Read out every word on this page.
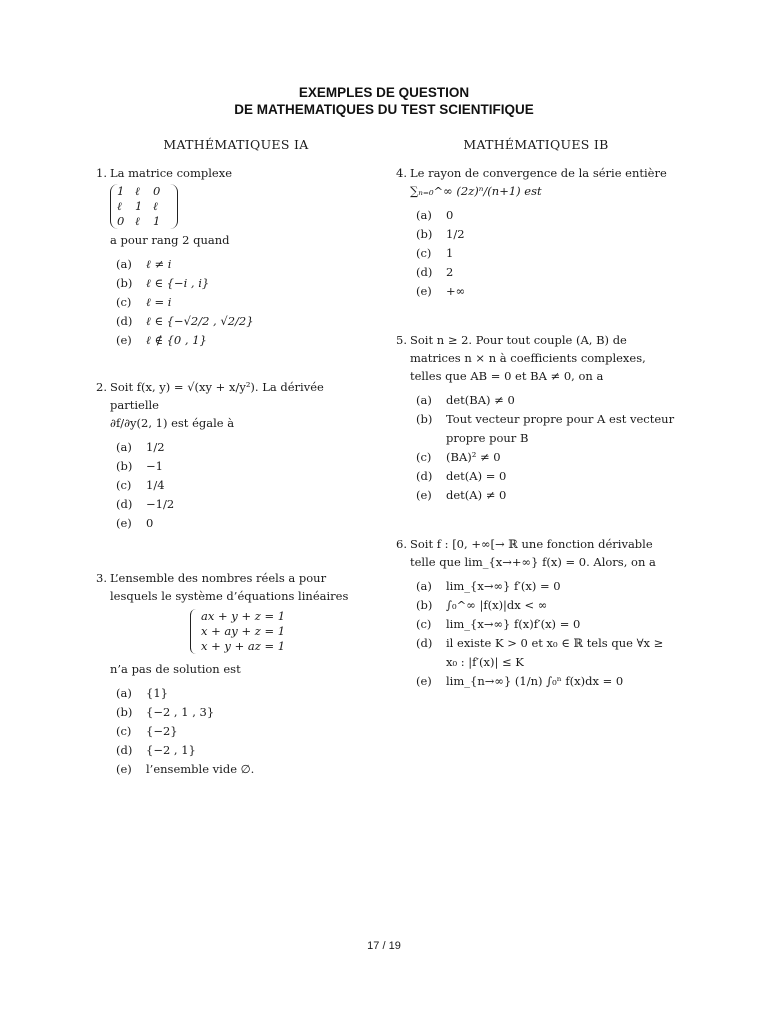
EXEMPLES DE QUESTION
DE MATHEMATIQUES DU TEST SCIENTIFIQUE
MATHÉMATIQUES IA
1. La matrice complexe
1 ℓ 0
ℓ 1 ℓ
0 ℓ 1
a pour rang 2 quand
(a) ℓ ≠ i
(b) ℓ ∈ {−i , i}
(c) ℓ = i
(d) ℓ ∈ {−√2/2 , √2/2}
(e) ℓ ∉ {0 , 1}
2. Soit f(x, y) = √(xy + x/y²). La dérivée partielle
∂f/∂y(2, 1) est égale à
(a) 1/2
(b) −1
(c) 1/4
(d) −1/2
(e) 0
3. L’ensemble des nombres réels a pour lesquels le système d’équations linéaires
ax + y + z = 1
x + ay + z = 1
x + y + az = 1
n’a pas de solution est
(a) {1}
(b) {−2 , 1 , 3}
(c) {−2}
(d) {−2 , 1}
(e) l’ensemble vide ∅.
MATHÉMATIQUES IB
4. Le rayon de convergence de la série entière
∑ₙ₌₀^∞ (2z)ⁿ/(n+1) est
(a) 0
(b) 1/2
(c) 1
(d) 2
(e) +∞
5. Soit n ≥ 2. Pour tout couple (A, B) de matrices n × n à coefficients complexes, telles que AB = 0 et BA ≠ 0, on a
(a) det(BA) ≠ 0
(b)	Tout vecteur propre pour A est vecteur propre pour B
(c) (BA)² ≠ 0
(d) det(A) = 0
(e) det(A) ≠ 0
6. Soit f : [0, +∞[→ ℝ une fonction dérivable telle que lim_{x→+∞} f(x) = 0. Alors, on a
(a) lim_{x→∞} f′(x) = 0
(b) ∫₀^∞ |f(x)|dx < ∞
(c) lim_{x→∞} f(x)f′(x) = 0
(d)	il existe K > 0 et x₀ ∈ ℝ tels que ∀x ≥ x₀ : |f′(x)| ≤ K
(e) lim_{n→∞} (1/n) ∫₀ⁿ f(x)dx = 0
17 / 19
